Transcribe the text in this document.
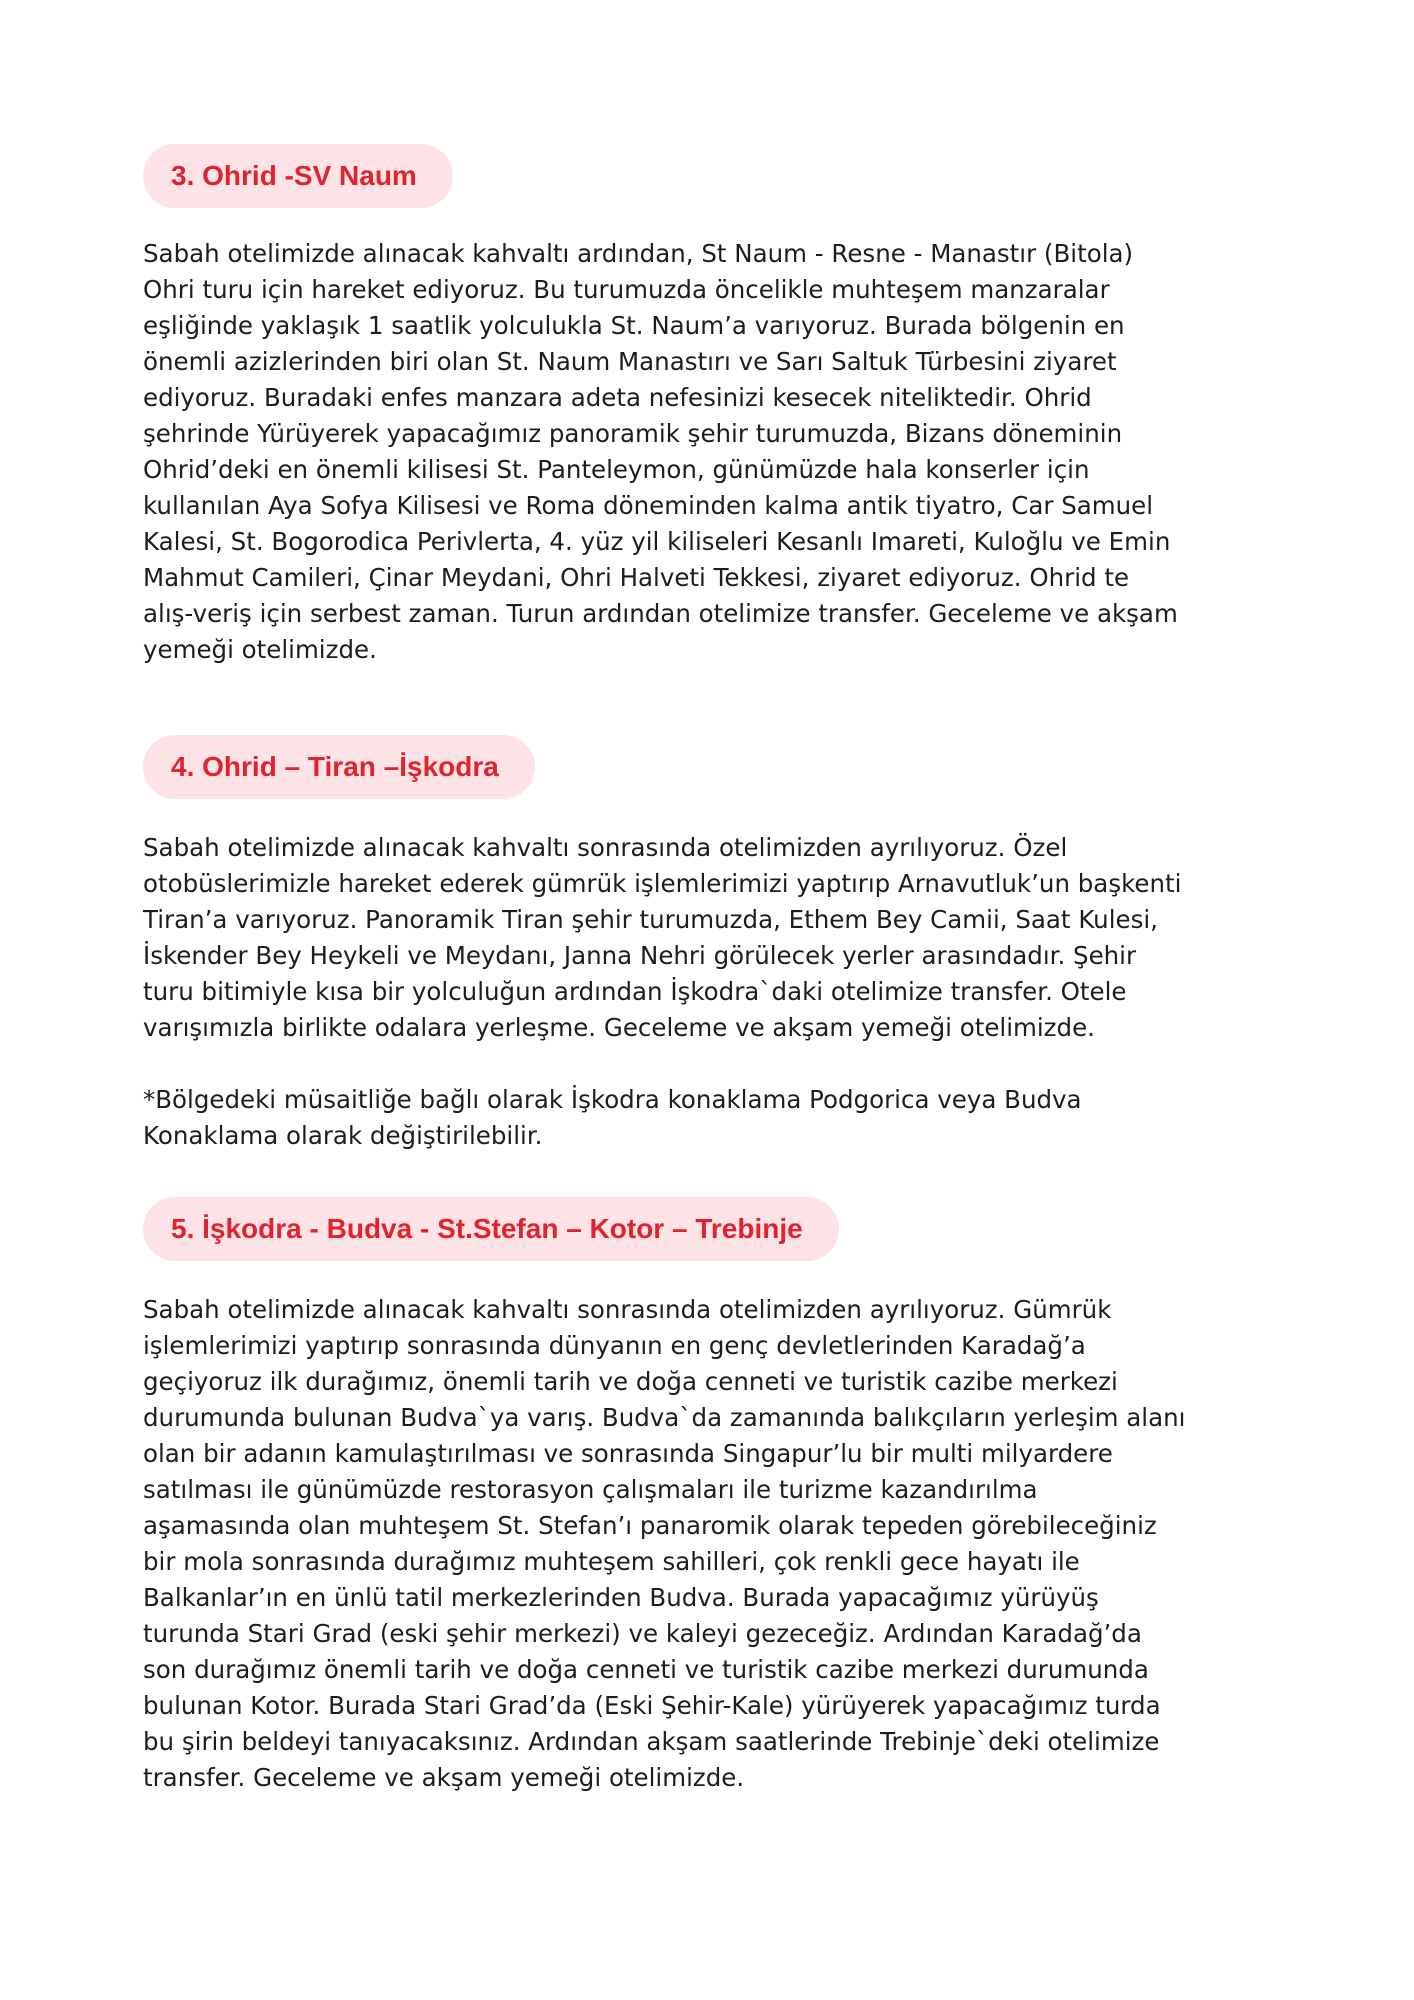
3. Ohrid -SV Naum

Sabah otelimizde alınacak kahvaltı ardından, St Naum - Resne - Manastır (Bitola)
Ohri turu için hareket ediyoruz. Bu turumuzda öncelikle muhteşem manzaralar
eşliğinde yaklaşık 1 saatlik yolculukla St. Naum’a varıyoruz. Burada bölgenin en
önemli azizlerinden biri olan St. Naum Manastırı ve Sarı Saltuk Türbesini ziyaret
ediyoruz. Buradaki enfes manzara adeta nefesinizi kesecek niteliktedir. Ohrid
şehrinde Yürüyerek yapacağımız panoramik şehir turumuzda, Bizans döneminin
Ohrid’deki en önemli kilisesi St. Panteleymon, günümüzde hala konserler için
kullanılan Aya Sofya Kilisesi ve Roma döneminden kalma antik tiyatro, Car Samuel
Kalesi, St. Bogorodica Perivlerta, 4. yüz yil kiliseleri Kesanlı Imareti, Kuloğlu ve Emin
Mahmut Camileri, Çinar Meydani, Ohri Halveti Tekkesi, ziyaret ediyoruz. Ohrid te
alış-veriş için serbest zaman. Turun ardından otelimize transfer. Geceleme ve akşam
yemeği otelimizde.

4. Ohrid – Tiran –İşkodra

Sabah otelimizde alınacak kahvaltı sonrasında otelimizden ayrılıyoruz. Özel
otobüslerimizle hareket ederek gümrük işlemlerimizi yaptırıp Arnavutluk’un başkenti
Tiran’a varıyoruz. Panoramik Tiran şehir turumuzda, Ethem Bey Camii, Saat Kulesi,
İskender Bey Heykeli ve Meydanı, Janna Nehri görülecek yerler arasındadır. Şehir
turu bitimiyle kısa bir yolculuğun ardından İşkodra`daki otelimize transfer. Otele
varışımızla birlikte odalara yerleşme. Geceleme ve akşam yemeği otelimizde.

*Bölgedeki müsaitliğe bağlı olarak İşkodra konaklama Podgorica veya Budva
Konaklama olarak değiştirilebilir.

5. İşkodra - Budva - St.Stefan – Kotor – Trebinje

Sabah otelimizde alınacak kahvaltı sonrasında otelimizden ayrılıyoruz. Gümrük
işlemlerimizi yaptırıp sonrasında dünyanın en genç devletlerinden Karadağ’a
geçiyoruz ilk durağımız, önemli tarih ve doğa cenneti ve turistik cazibe merkezi
durumunda bulunan Budva`ya varış. Budva`da zamanında balıkçıların yerleşim alanı
olan bir adanın kamulaştırılması ve sonrasında Singapur’lu bir multi milyardere
satılması ile günümüzde restorasyon çalışmaları ile turizme kazandırılma
aşamasında olan muhteşem St. Stefan’ı panaromik olarak tepeden görebileceğiniz
bir mola sonrasında durağımız muhteşem sahilleri, çok renkli gece hayatı ile
Balkanlar’ın en ünlü tatil merkezlerinden Budva. Burada yapacağımız yürüyüş
turunda Stari Grad (eski şehir merkezi) ve kaleyi gezeceğiz. Ardından Karadağ’da
son durağımız önemli tarih ve doğa cenneti ve turistik cazibe merkezi durumunda
bulunan Kotor. Burada Stari Grad’da (Eski Şehir-Kale) yürüyerek yapacağımız turda
bu şirin beldeyi tanıyacaksınız. Ardından akşam saatlerinde Trebinje`deki otelimize
transfer. Geceleme ve akşam yemeği otelimizde.
